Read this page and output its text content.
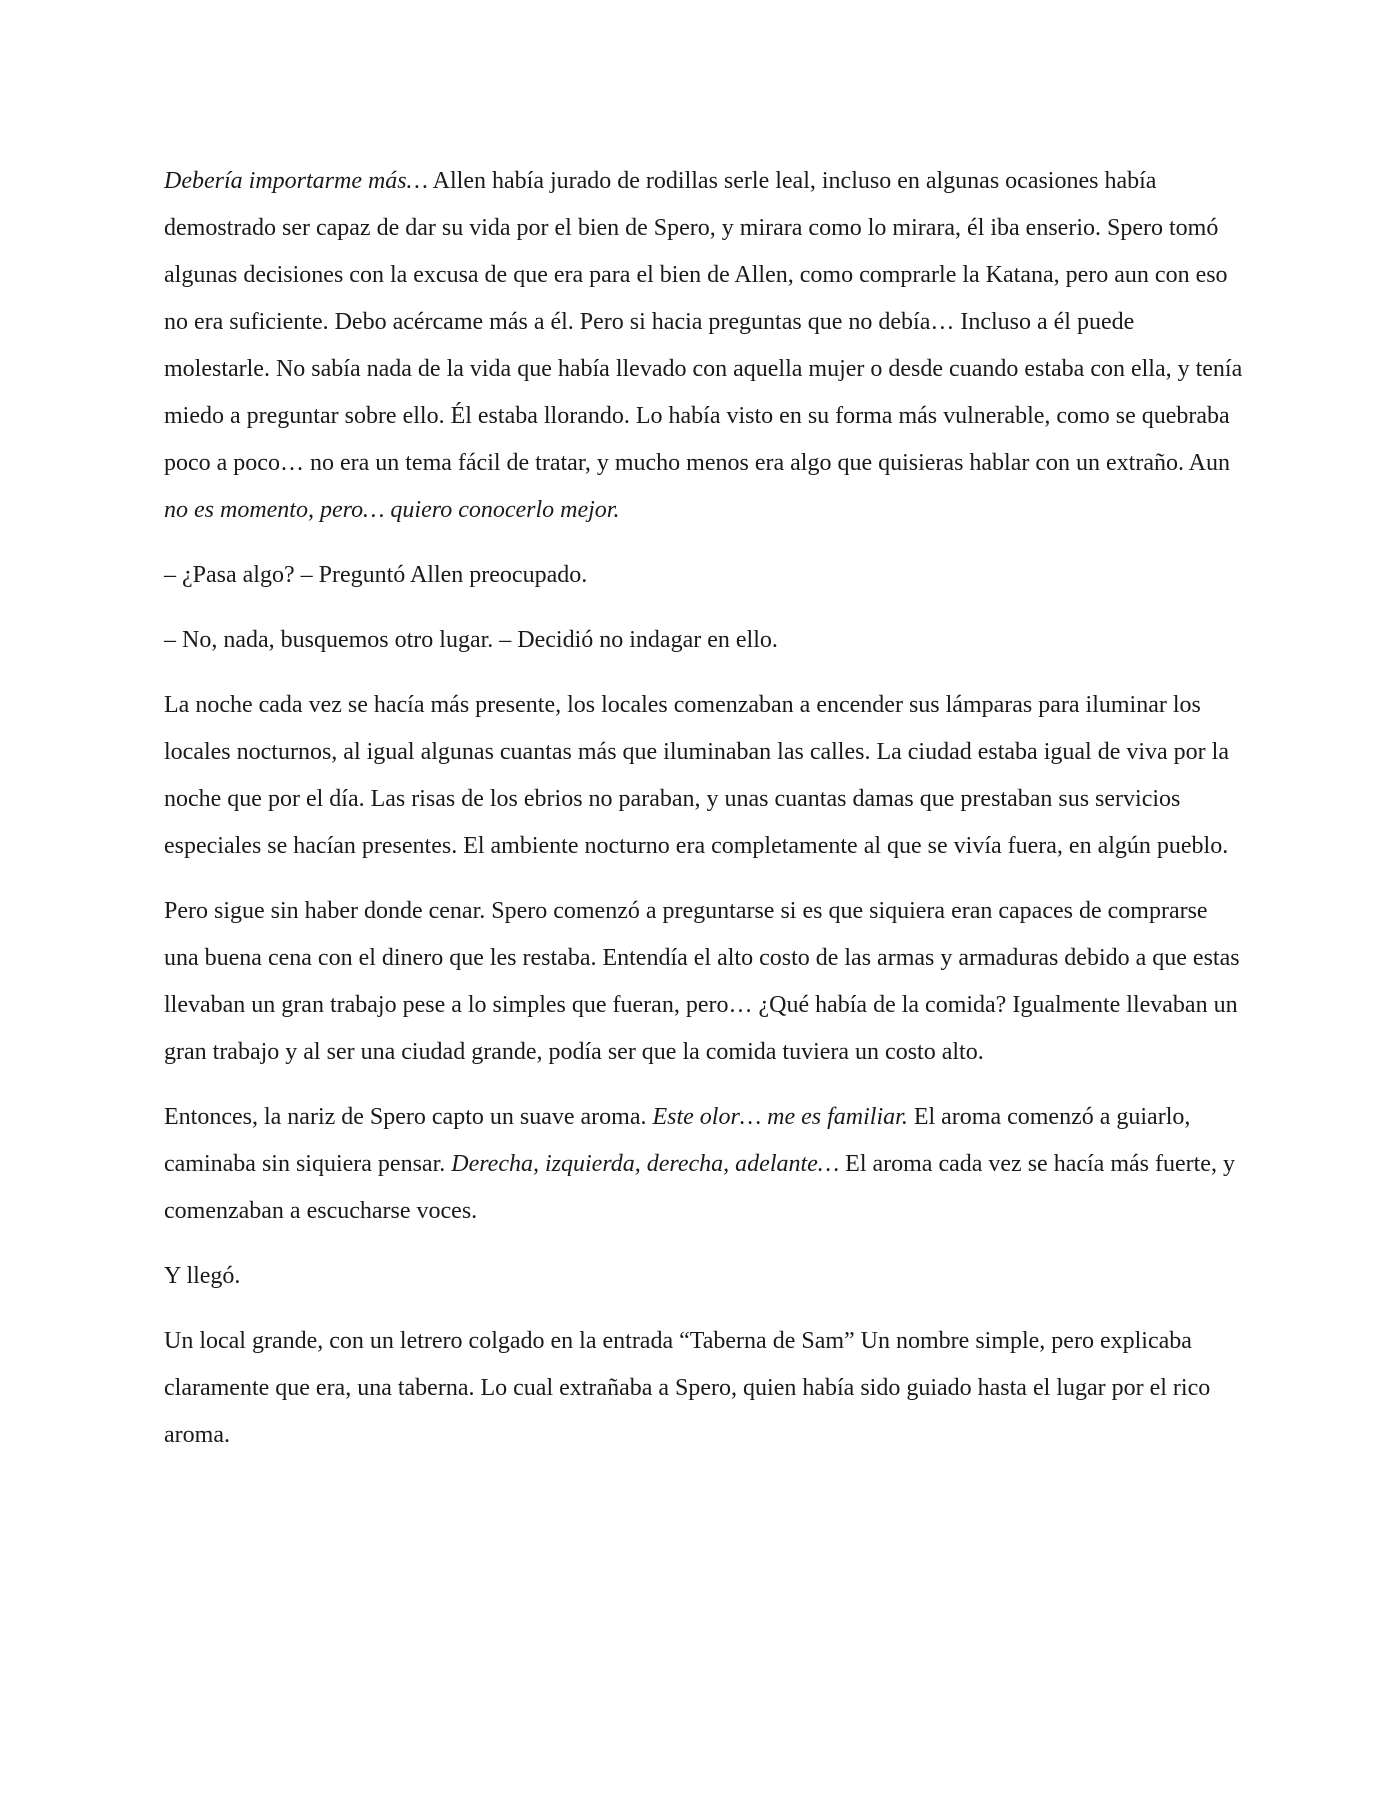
Debería importarme más… Allen había jurado de rodillas serle leal, incluso en algunas ocasiones había demostrado ser capaz de dar su vida por el bien de Spero, y mirara como lo mirara, él iba enserio. Spero tomó algunas decisiones con la excusa de que era para el bien de Allen, como comprarle la Katana, pero aun con eso no era suficiente. Debo acércame más a él. Pero si hacia preguntas que no debía… Incluso a él puede molestarle. No sabía nada de la vida que había llevado con aquella mujer o desde cuando estaba con ella, y tenía miedo a preguntar sobre ello. Él estaba llorando. Lo había visto en su forma más vulnerable, como se quebraba poco a poco… no era un tema fácil de tratar, y mucho menos era algo que quisieras hablar con un extraño. Aun no es momento, pero… quiero conocerlo mejor.

– ¿Pasa algo? – Preguntó Allen preocupado.

– No, nada, busquemos otro lugar. – Decidió no indagar en ello.

La noche cada vez se hacía más presente, los locales comenzaban a encender sus lámparas para iluminar los locales nocturnos, al igual algunas cuantas más que iluminaban las calles. La ciudad estaba igual de viva por la noche que por el día. Las risas de los ebrios no paraban, y unas cuantas damas que prestaban sus servicios especiales se hacían presentes. El ambiente nocturno era completamente al que se vivía fuera, en algún pueblo.

Pero sigue sin haber donde cenar. Spero comenzó a preguntarse si es que siquiera eran capaces de comprarse una buena cena con el dinero que les restaba. Entendía el alto costo de las armas y armaduras debido a que estas llevaban un gran trabajo pese a lo simples que fueran, pero… ¿Qué había de la comida? Igualmente llevaban un gran trabajo y al ser una ciudad grande, podía ser que la comida tuviera un costo alto.

Entonces, la nariz de Spero capto un suave aroma. Este olor… me es familiar. El aroma comenzó a guiarlo, caminaba sin siquiera pensar. Derecha, izquierda, derecha, adelante… El aroma cada vez se hacía más fuerte, y comenzaban a escucharse voces.

Y llegó.

Un local grande, con un letrero colgado en la entrada “Taberna de Sam” Un nombre simple, pero explicaba claramente que era, una taberna. Lo cual extrañaba a Spero, quien había sido guiado hasta el lugar por el rico aroma.
